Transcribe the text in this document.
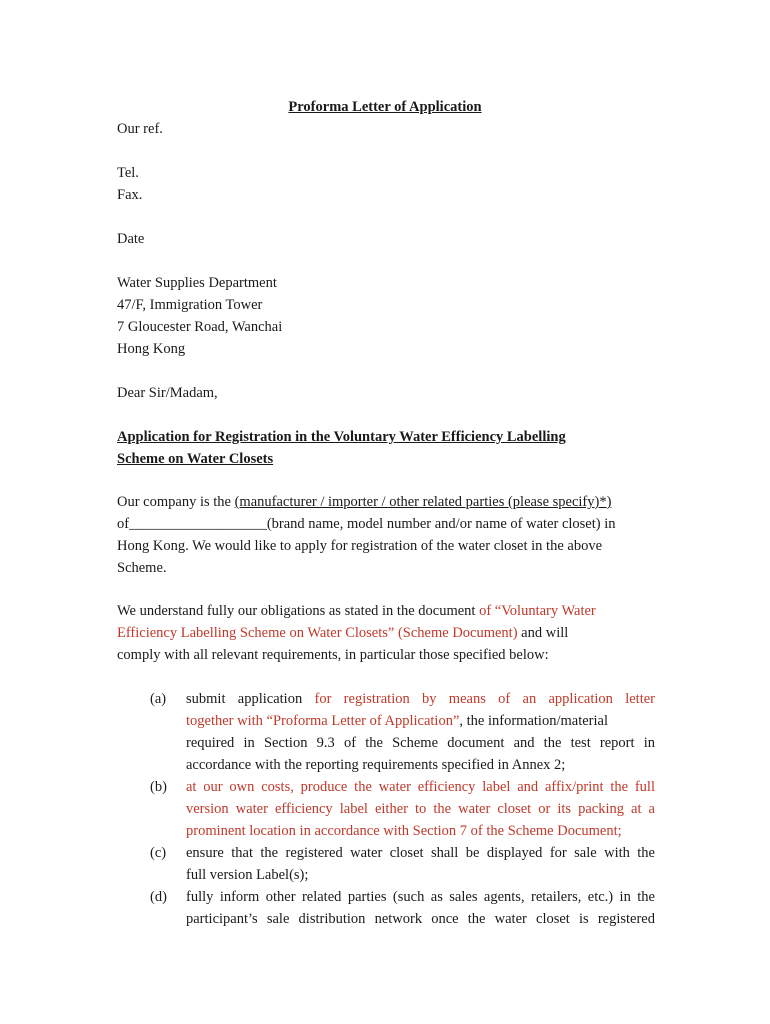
Proforma Letter of Application
Our ref.
Tel.
Fax.
Date
Water Supplies Department
47/F, Immigration Tower
7 Gloucester Road, Wanchai
Hong Kong
Dear Sir/Madam,
Application for Registration in the Voluntary Water Efficiency Labelling
Scheme on Water Closets
Our company is the (manufacturer / importer / other related parties (please specify)*)
of___________________(brand name, model number and/or name of water closet) in
Hong Kong. We would like to apply for registration of the water closet in the above
Scheme.
We understand fully our obligations as stated in the document of “Voluntary Water
Efficiency Labelling Scheme on Water Closets” (Scheme Document) and will
comply with all relevant requirements, in particular those specified below:
(a)	submit application for registration by means of an application letter
together with “Proforma Letter of Application”, the information/material
required in Section 9.3 of the Scheme document and the test report in
accordance with the reporting requirements specified in Annex 2;
(b)	at our own costs, produce the water efficiency label and affix/print the full
version water efficiency label either to the water closet or its packing at a
prominent location in accordance with Section 7 of the Scheme Document;
(c)	ensure that the registered water closet shall be displayed for sale with the
full version Label(s);
(d)	fully inform other related parties (such as sales agents, retailers, etc.) in the
participant’s sale distribution network once the water closet is registered
